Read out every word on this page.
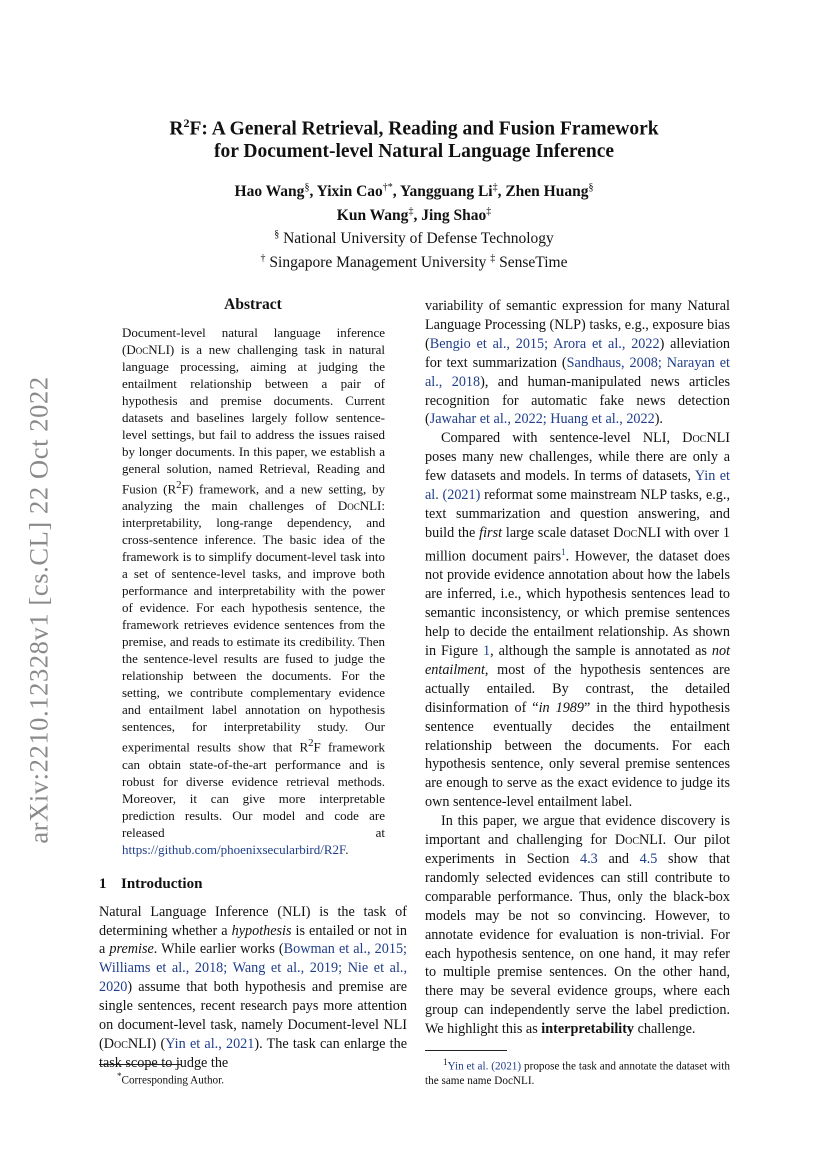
arXiv:2210.12328v1 [cs.CL] 22 Oct 2022
$R^2F$: A General Retrieval, Reading and Fusion Framework
for Document-level Natural Language Inference
Hao Wang§, Yixin Cao†*, Yangguang Li‡, Zhen Huang§
Kun Wang‡, Jing Shao‡
§ National University of Defense Technology
† Singapore Management University ‡ SenseTime
Abstract
Document-level natural language inference (DocNLI) is a new challenging task in natural language processing, aiming at judging the entailment relationship between a pair of hypothesis and premise documents. Current datasets and baselines largely follow sentence-level settings, but fail to address the issues raised by longer documents. In this paper, we establish a general solution, named Retrieval, Reading and Fusion $(R^2F)$ framework, and a new setting, by analyzing the main challenges of DocNLI: interpretability, long-range dependency, and cross-sentence inference. The basic idea of the framework is to simplify document-level task into a set of sentence-level tasks, and improve both performance and interpretability with the power of evidence. For each hypothesis sentence, the framework retrieves evidence sentences from the premise, and reads to estimate its credibility. Then the sentence-level results are fused to judge the relationship between the documents. For the setting, we contribute complementary evidence and entailment label annotation on hypothesis sentences, for interpretability study. Our experimental results show that $R^2F$ framework can obtain state-of-the-art performance and is robust for diverse evidence retrieval methods. Moreover, it can give more interpretable prediction results. Our model and code are released at https://github.com/phoenixsecularbird/R2F.
1 Introduction

Natural Language Inference (NLI) is the task of determining whether a hypothesis is entailed or not in a premise. While earlier works (Bowman et al., 2015; Williams et al., 2018; Wang et al., 2019; Nie et al., 2020) assume that both hypothesis and premise are single sentences, recent research pays more attention on document-level task, namely Document-level NLI (DocNLI) (Yin et al., 2021). The task can enlarge the task scope to judge the

*Corresponding Author.

variability of semantic expression for many Natural Language Processing (NLP) tasks, e.g., exposure bias (Bengio et al., 2015; Arora et al., 2022) alleviation for text summarization (Sandhaus, 2008; Narayan et al., 2018), and human-manipulated news articles recognition for automatic fake news detection (Jawahar et al., 2022; Huang et al., 2022).

Compared with sentence-level NLI, DocNLI poses many new challenges, while there are only a few datasets and models. In terms of datasets, Yin et al. (2021) reformat some mainstream NLP tasks, e.g., text summarization and question answering, and build the first large scale dataset DocNLI with over 1 million document pairs$^1$. However, the dataset does not provide evidence annotation about how the labels are inferred, i.e., which hypothesis sentences lead to semantic inconsistency, or which premise sentences help to decide the entailment relationship. As shown in Figure 1, although the sample is annotated as not entailment, most of the hypothesis sentences are actually entailed. By contrast, the detailed disinformation of “in 1989” in the third hypothesis sentence eventually decides the entailment relationship between the documents. For each hypothesis sentence, only several premise sentences are enough to serve as the exact evidence to judge its own sentence-level entailment label.

In this paper, we argue that evidence discovery is important and challenging for DocNLI. Our pilot experiments in Section 4.3 and 4.5 show that randomly selected evidences can still contribute to comparable performance. Thus, only the black-box models may be not so convincing. However, to annotate evidence for evaluation is non-trivial. For each hypothesis sentence, on one hand, it may refer to multiple premise sentences. On the other hand, there may be several evidence groups, where each group can independently serve the label prediction. We highlight this as interpretability challenge.

$^1$Yin et al. (2021) propose the task and annotate the dataset with the same name DocNLI.
